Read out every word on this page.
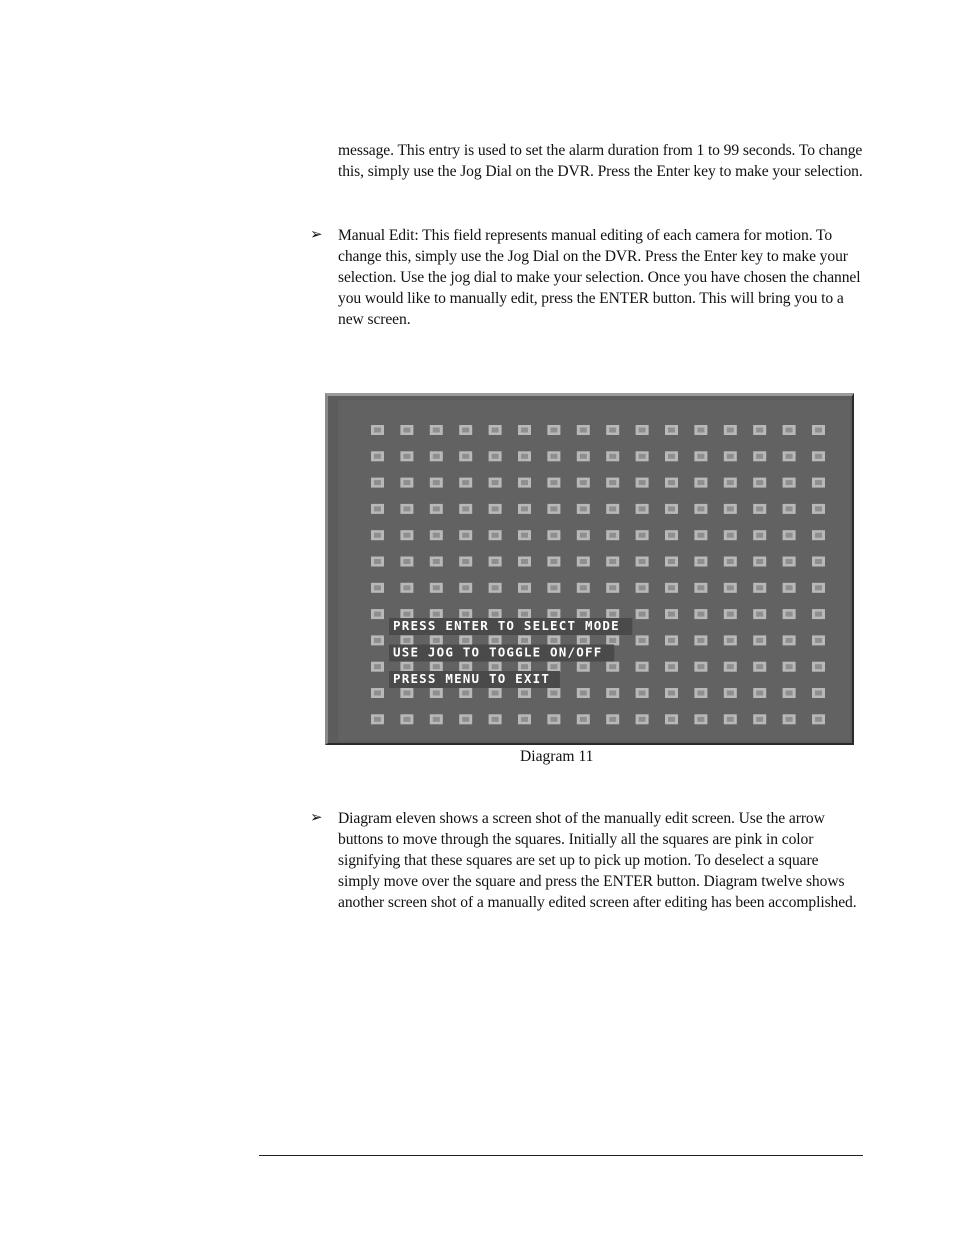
message. This entry is used to set the alarm duration from 1 to 99 seconds. To change this, simply use the Jog Dial on the DVR. Press the Enter key to make your selection.

➢ Manual Edit: This field represents manual editing of each camera for motion. To change this, simply use the Jog Dial on the DVR. Press the Enter key to make your selection. Use the jog dial to make your selection. Once you have chosen the channel you would like to manually edit, press the ENTER button. This will bring you to a new screen.

PRESS ENTER TO SELECT MODE
USE JOG TO TOGGLE ON/OFF
PRESS MENU TO EXIT
Diagram 11
➢ Diagram eleven shows a screen shot of the manually edit screen. Use the arrow buttons to move through the squares. Initially all the squares are pink in color signifying that these squares are set up to pick up motion. To deselect a square simply move over the square and press the ENTER button. Diagram twelve shows another screen shot of a manually edited screen after editing has been accomplished.
